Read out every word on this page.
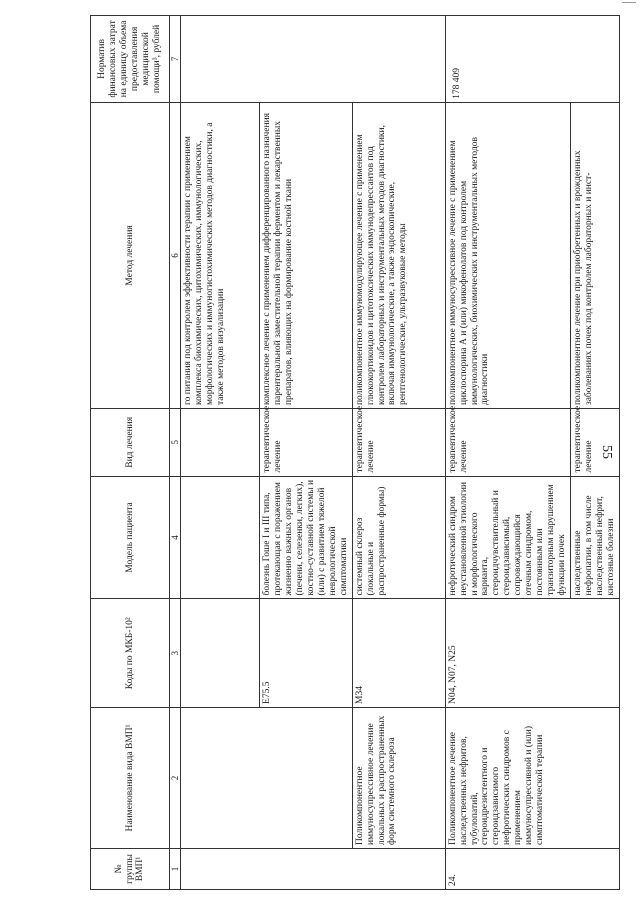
55
№ группы ВМП¹	Наименование вида ВМП¹	Коды по МКБ-10²	Модель пациента	Вид лечения	Метод лечения	Норматив финансовых затрат на единицу объема предоставления медицинской помощи³, рублей
1	2	3	4	5	6	7
					го питания под контролем эффективности терапии с применением комплекса биохимических, цитохимических, иммунологических, морфологических и иммуногистохимических методов диагностики, а также методов визуализации	
		E75.5	болезнь Гоше I и III типа, протекающая с поражением жизненно важных органов (печени, селезенки, легких), костно-суставной системы и (или) с развитием тяжелой неврологической симптоматики	терапевтическое лечение	комплексное лечение с применением дифференцированного назначения парентеральной заместительной терапии ферментом и лекарственных препаратов, влияющих на формирование костной ткани	
	Поликомпонентное иммуносупрессивное лечение локальных и распространенных форм системного склероза	M34	системный склероз (локальные и распространенные формы)	терапевтическое лечение	поликомпонентное иммуномодулирующее лечение с применением глюкокортикоидов и цитотоксических иммунодепрессантов под контролем лабораторных и инструментальных методов диагностики, включая иммунологические, а также эндоскопические, рентгенологические, ультразвуковые методы	
24.	Поликомпонентное лечение наследственных нефритов, тубулопатий, стероидрезистентного и стероидзависимого нефротических синдромов с применением иммуносупрессивной и (или) симптоматической терапии	N04, N07, N25	нефротический синдром неустановленной этиологии и морфологического варианта, стероидчувствительный и стероидзависимый, сопровождающийся отечным синдромом, постоянным или транзиторным нарушением функции почек	терапевтическое лечение	поликомпонентное иммуносупрессивное лечение с применением циклоспорина А и (или) микофенолатов под контролем иммунологических, биохимических и инструментальных методов диагностики	178 409
			наследственные нефропатии, в том числе наследственный нефрит, кистозные болезни	терапевтическое лечение	поликомпонентное лечение при приобретенных и врожденных заболеваниях почек под контролем лабораторных и инст-	
